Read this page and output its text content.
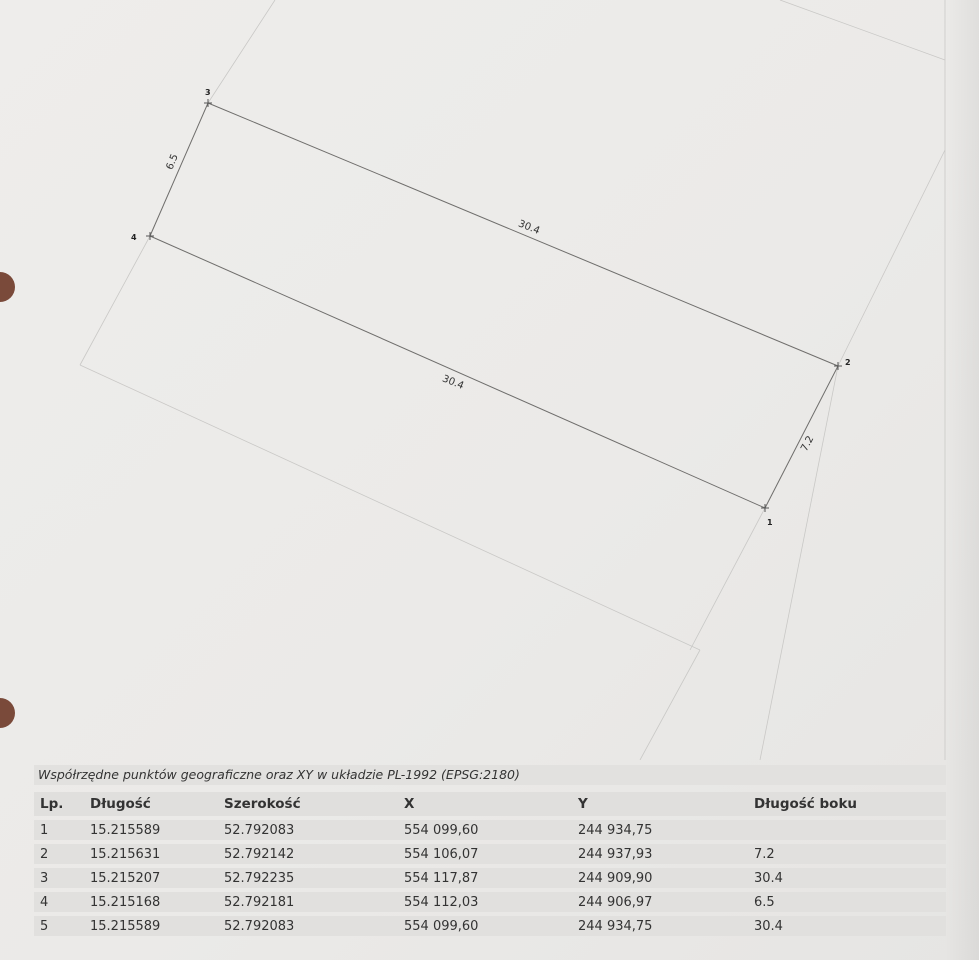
1
2
3
4
7.2
30.4
6.5
30.4
Współrzędne punktów geograficzne oraz XY w układzie PL-1992 (EPSG:2180)
Lp.	Długość	Szerokość	X	Y	Długość boku
1	15.215589	52.792083	554 099,60	244 934,75	
2	15.215631	52.792142	554 106,07	244 937,93	7.2
3	15.215207	52.792235	554 117,87	244 909,90	30.4
4	15.215168	52.792181	554 112,03	244 906,97	6.5
5	15.215589	52.792083	554 099,60	244 934,75	30.4
